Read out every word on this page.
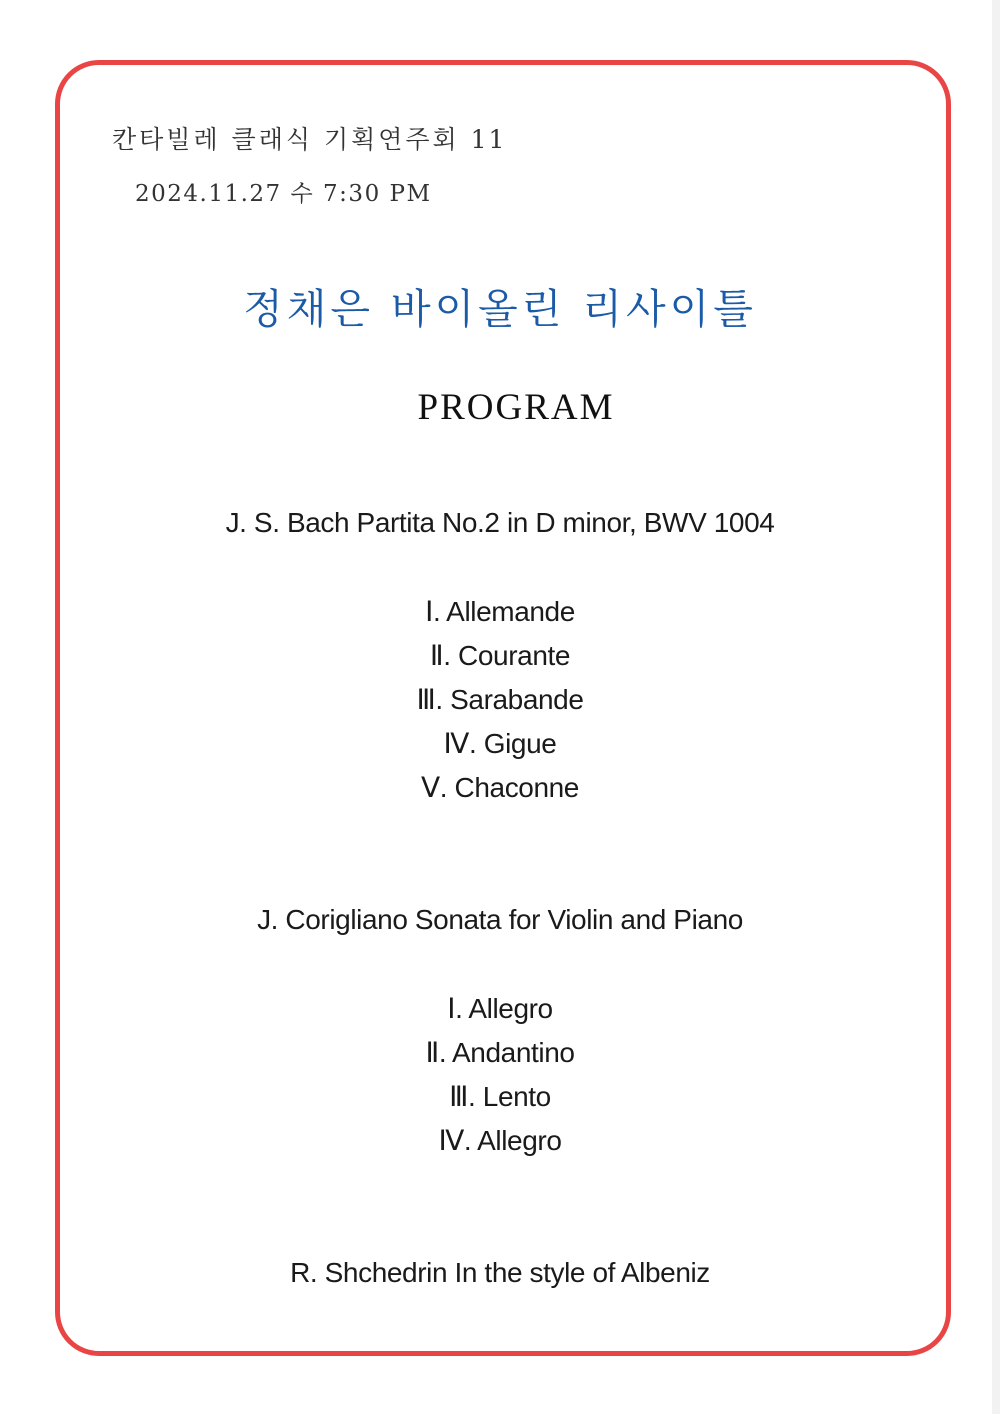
칸타빌레 클래식 기획연주회 11
2024.11.27 수 7:30 PM
정채은 바이올린 리사이틀
PROGRAM
J. S. Bach Partita No.2 in D minor, BWV 1004
Ⅰ. Allemande
Ⅱ. Courante
Ⅲ. Sarabande
Ⅳ. Gigue
Ⅴ. Chaconne
J. Corigliano Sonata for Violin and Piano
Ⅰ. Allegro
Ⅱ. Andantino
Ⅲ. Lento
Ⅳ. Allegro
R. Shchedrin In the style of Albeniz
